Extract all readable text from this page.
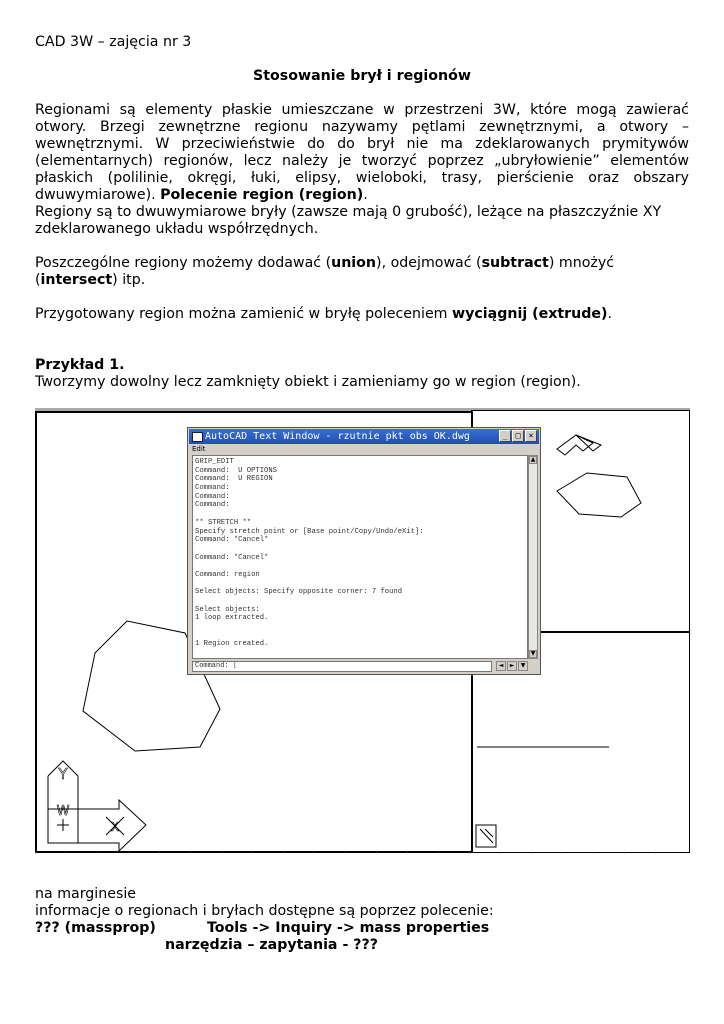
CAD 3W – zajęcia nr 3
Stosowanie brył i regionów

Regionami są elementy płaskie umieszczane w przestrzeni 3W, które mogą zawierać otwory. Brzegi zewnętrzne regionu nazywamy pętlami zewnętrznymi, a otwory – wewnętrznymi. W przeciwieństwie do do brył nie ma zdeklarowanych prymitywów (elementarnych) regionów, lecz należy je tworzyć poprzez „ubryłowienie” elementów płaskich (polilinie, okręgi, łuki, elipsy, wieloboki, trasy, pierścienie oraz obszary dwuwymiarowe). Polecenie region (region).

Regiony są to dwuwymiarowe bryły (zawsze mają 0 grubość), leżące na płaszczyźnie XY zdeklarowanego układu współrzędnych.

Poszczególne regiony możemy dodawać (union), odejmować (subtract) mnożyć (intersect) itp.

Przygotowany region można zamienić w bryłę poleceniem wyciągnij (extrude).

Przykład 1.
Tworzymy dowolny lecz zamknięty obiekt i zamieniamy go w region (region).
Y
W
X
AutoCAD Text Window - rzutnie pkt obs OK.dwg	_	□	×
Edit
GRIP_EDIT
Command:  U OPTIONS
Command:  U REGION
Command:
Command:
Command:
** STRETCH **
Specify stretch point or [Base point/Copy/Undo/eXit]:
Command: *Cancel*
Command: *Cancel*
Command: region
Select objects: Specify opposite corner: 7 found
Select objects:
1 loop extracted.
1 Region created.
▲
▼
Command: |	◄	►	▼
na marginesie
informacje o regionach i bryłach dostępne są poprzez polecenie:
??? (massprop)	Tools -> Inquiry -> mass properties
narzędzia – zapytania - ???
